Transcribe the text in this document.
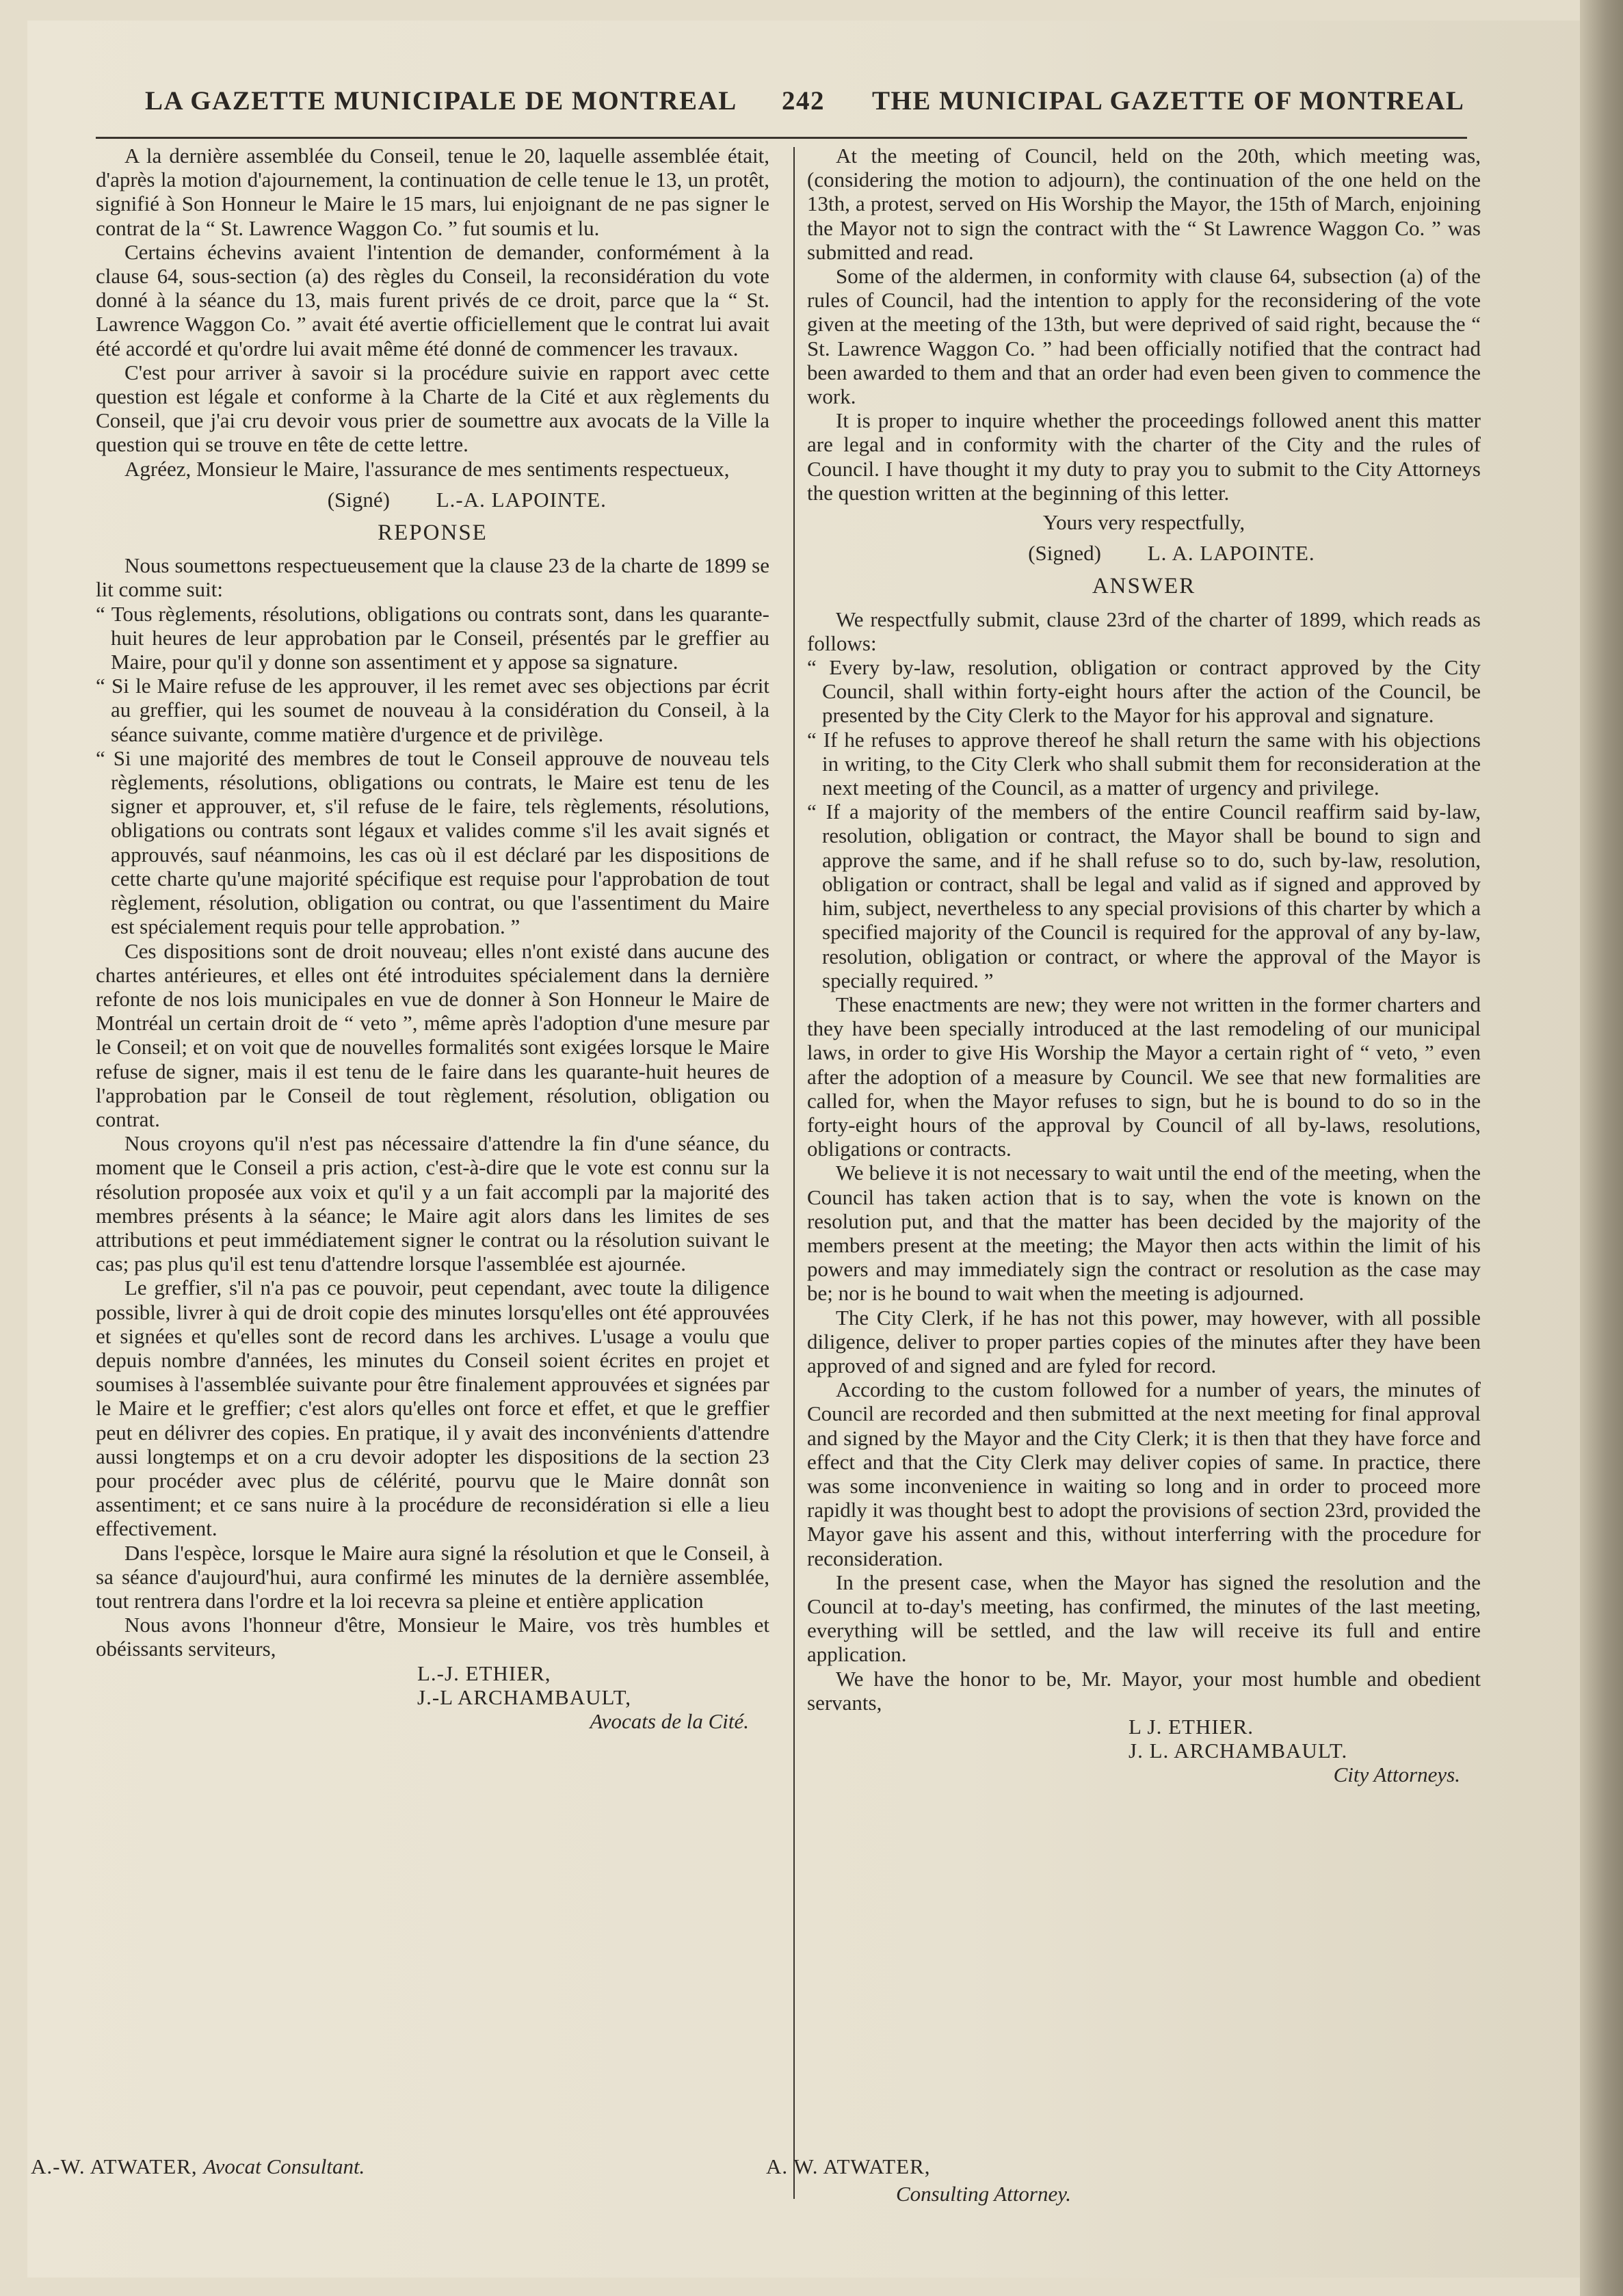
LA GAZETTE MUNICIPALE DE MONTREAL 242 THE MUNICIPAL GAZETTE OF MONTREAL

A la dernière assemblée du Conseil, tenue le 20, laquelle assemblée était, d'après la motion d'ajournement, la continuation de celle tenue le 13, un protêt, signifié à Son Honneur le Maire le 15 mars, lui enjoignant de ne pas signer le contrat de la “ St. Lawrence Waggon Co. ” fut soumis et lu.

Certains échevins avaient l'intention de demander, conformément à la clause 64, sous-section (a) des règles du Conseil, la reconsidération du vote donné à la séance du 13, mais furent privés de ce droit, parce que la “ St. Lawrence Waggon Co. ” avait été avertie officiellement que le contrat lui avait été accordé et qu'ordre lui avait même été donné de commencer les travaux.

C'est pour arriver à savoir si la procédure suivie en rapport avec cette question est légale et conforme à la Charte de la Cité et aux règlements du Conseil, que j'ai cru devoir vous prier de soumettre aux avocats de la Ville la question qui se trouve en tête de cette lettre.

Agréez, Monsieur le Maire, l'assurance de mes sentiments respectueux,

(Signé) L.-A. LAPOINTE.
REPONSE

Nous soumettons respectueusement que la clause 23 de la charte de 1899 se lit comme suit:

“ Tous règlements, résolutions, obligations ou contrats sont, dans les quarante-huit heures de leur approbation par le Conseil, présentés par le greffier au Maire, pour qu'il y donne son assentiment et y appose sa signature.

“ Si le Maire refuse de les approuver, il les remet avec ses objections par écrit au greffier, qui les soumet de nouveau à la considération du Conseil, à la séance suivante, comme matière d'urgence et de privilège.

“ Si une majorité des membres de tout le Conseil approuve de nouveau tels règlements, résolutions, obligations ou contrats, le Maire est tenu de les signer et approuver, et, s'il refuse de le faire, tels règlements, résolutions, obligations ou contrats sont légaux et valides comme s'il les avait signés et approuvés, sauf néanmoins, les cas où il est déclaré par les dispositions de cette charte qu'une majorité spécifique est requise pour l'approbation de tout règlement, résolution, obligation ou contrat, ou que l'assentiment du Maire est spécialement requis pour telle approbation. ”

Ces dispositions sont de droit nouveau; elles n'ont existé dans aucune des chartes antérieures, et elles ont été introduites spécialement dans la dernière refonte de nos lois municipales en vue de donner à Son Honneur le Maire de Montréal un certain droit de “ veto ”, même après l'adoption d'une mesure par le Conseil; et on voit que de nouvelles formalités sont exigées lorsque le Maire refuse de signer, mais il est tenu de le faire dans les quarante-huit heures de l'approbation par le Conseil de tout règlement, résolution, obligation ou contrat.

Nous croyons qu'il n'est pas nécessaire d'attendre la fin d'une séance, du moment que le Conseil a pris action, c'est-à-dire que le vote est connu sur la résolution proposée aux voix et qu'il y a un fait accompli par la majorité des membres présents à la séance; le Maire agit alors dans les limites de ses attributions et peut immédiatement signer le contrat ou la résolution suivant le cas; pas plus qu'il est tenu d'attendre lorsque l'assemblée est ajournée.

Le greffier, s'il n'a pas ce pouvoir, peut cependant, avec toute la diligence possible, livrer à qui de droit copie des minutes lorsqu'elles ont été approuvées et signées et qu'elles sont de record dans les archives. L'usage a voulu que depuis nombre d'années, les minutes du Conseil soient écrites en projet et soumises à l'assemblée suivante pour être finalement approuvées et signées par le Maire et le greffier; c'est alors qu'elles ont force et effet, et que le greffier peut en délivrer des copies. En pratique, il y avait des inconvénients d'attendre aussi longtemps et on a cru devoir adopter les dispositions de la section 23 pour procéder avec plus de célérité, pourvu que le Maire donnât son assentiment; et ce sans nuire à la procédure de reconsidération si elle a lieu effectivement.

Dans l'espèce, lorsque le Maire aura signé la résolution et que le Conseil, à sa séance d'aujourd'hui, aura confirmé les minutes de la dernière assemblée, tout rentrera dans l'ordre et la loi recevra sa pleine et entière application

Nous avons l'honneur d'être, Monsieur le Maire, vos très humbles et obéissants serviteurs,

L.-J. ETHIER,
J.-L ARCHAMBAULT,
Avocats de la Cité.

At the meeting of Council, held on the 20th, which meeting was, (considering the motion to adjourn), the continuation of the one held on the 13th, a protest, served on His Worship the Mayor, the 15th of March, enjoining the Mayor not to sign the contract with the “ St Lawrence Waggon Co. ” was submitted and read.

Some of the aldermen, in conformity with clause 64, subsection (a) of the rules of Council, had the intention to apply for the reconsidering of the vote given at the meeting of the 13th, but were deprived of said right, because the “ St. Lawrence Waggon Co. ” had been officially notified that the contract had been awarded to them and that an order had even been given to commence the work.

It is proper to inquire whether the proceedings followed anent this matter are legal and in conformity with the charter of the City and the rules of Council. I have thought it my duty to pray you to submit to the City Attorneys the question written at the beginning of this letter.

Yours very respectfully,
(Signed) L. A. LAPOINTE.
ANSWER

We respectfully submit, clause 23rd of the charter of 1899, which reads as follows:

“ Every by-law, resolution, obligation or contract approved by the City Council, shall within forty-eight hours after the action of the Council, be presented by the City Clerk to the Mayor for his approval and signature.

“ If he refuses to approve thereof he shall return the same with his objections in writing, to the City Clerk who shall submit them for reconsideration at the next meeting of the Council, as a matter of urgency and privilege.

“ If a majority of the members of the entire Council reaffirm said by-law, resolution, obligation or contract, the Mayor shall be bound to sign and approve the same, and if he shall refuse so to do, such by-law, resolution, obligation or contract, shall be legal and valid as if signed and approved by him, subject, nevertheless to any special provisions of this charter by which a specified majority of the Council is required for the approval of any by-law, resolution, obligation or contract, or where the approval of the Mayor is specially required. ”

These enactments are new; they were not written in the former charters and they have been specially introduced at the last remodeling of our municipal laws, in order to give His Worship the Mayor a certain right of “ veto, ” even after the adoption of a measure by Council. We see that new formalities are called for, when the Mayor refuses to sign, but he is bound to do so in the forty-eight hours of the approval by Council of all by-laws, resolutions, obligations or contracts.

We believe it is not necessary to wait until the end of the meeting, when the Council has taken action that is to say, when the vote is known on the resolution put, and that the matter has been decided by the majority of the members present at the meeting; the Mayor then acts within the limit of his powers and may immediately sign the contract or resolution as the case may be; nor is he bound to wait when the meeting is adjourned.

The City Clerk, if he has not this power, may however, with all possible diligence, deliver to proper parties copies of the minutes after they have been approved of and signed and are fyled for record.

According to the custom followed for a number of years, the minutes of Council are recorded and then submitted at the next meeting for final approval and signed by the Mayor and the City Clerk; it is then that they have force and effect and that the City Clerk may deliver copies of same. In practice, there was some inconvenience in waiting so long and in order to proceed more rapidly it was thought best to adopt the provisions of section 23rd, provided the Mayor gave his assent and this, without interferring with the procedure for reconsideration.

In the present case, when the Mayor has signed the resolution and the Council at to-day's meeting, has confirmed, the minutes of the last meeting, everything will be settled, and the law will receive its full and entire application.

We have the honor to be, Mr. Mayor, your most humble and obedient servants,

L J. ETHIER.
J. L. ARCHAMBAULT.
City Attorneys.
A.-W. ATWATER, Avocat Consultant.	A. W. ATWATER,
Consulting Attorney.
